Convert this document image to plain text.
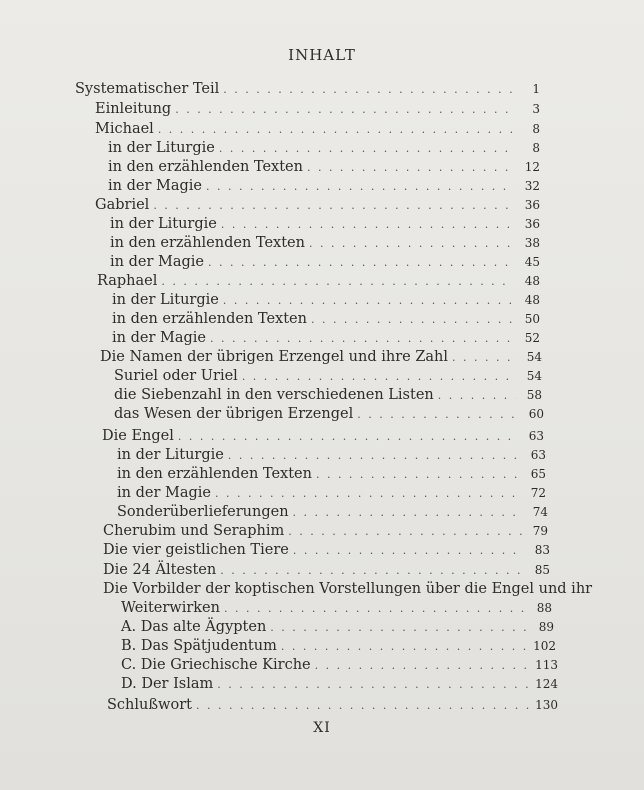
INHALT
Systematischer Teil . . .	1
Einleitung . . .	3
Michael . . .	8
in der Liturgie . . .	8
in den erzählenden Texten . . .	12
in der Magie . . .	32
Gabriel . . .	36
in der Liturgie . . .	36
in den erzählenden Texten . . .	38
in der Magie . . .	45
Raphael . . .	48
in der Liturgie . . .	48
in den erzählenden Texten . . .	50
in der Magie . . .	52
Die Namen der übrigen Erzengel und ihre Zahl . . .	54
Suriel oder Uriel . . .	54
die Siebenzahl in den verschiedenen Listen . . .	58
das Wesen der übrigen Erzengel . . .	60
Die Engel . . .	63
in der Liturgie . . .	63
in den erzählenden Texten . . .	65
in der Magie . . .	72
Sonderüberlieferungen . . .	74
Cherubim und Seraphim . . .	79
Die vier geistlichen Tiere . . .	83
Die 24 Ältesten . . .	85
Die Vorbilder der koptischen Vorstellungen über die Engel und ihr
Weiterwirken . . .	88
A. Das alte Ägypten . . .	89
B. Das Spätjudentum . . .	102
C. Die Griechische Kirche . . .	113
D. Der Islam . . .	124
Schlußwort . . .	130
XI
